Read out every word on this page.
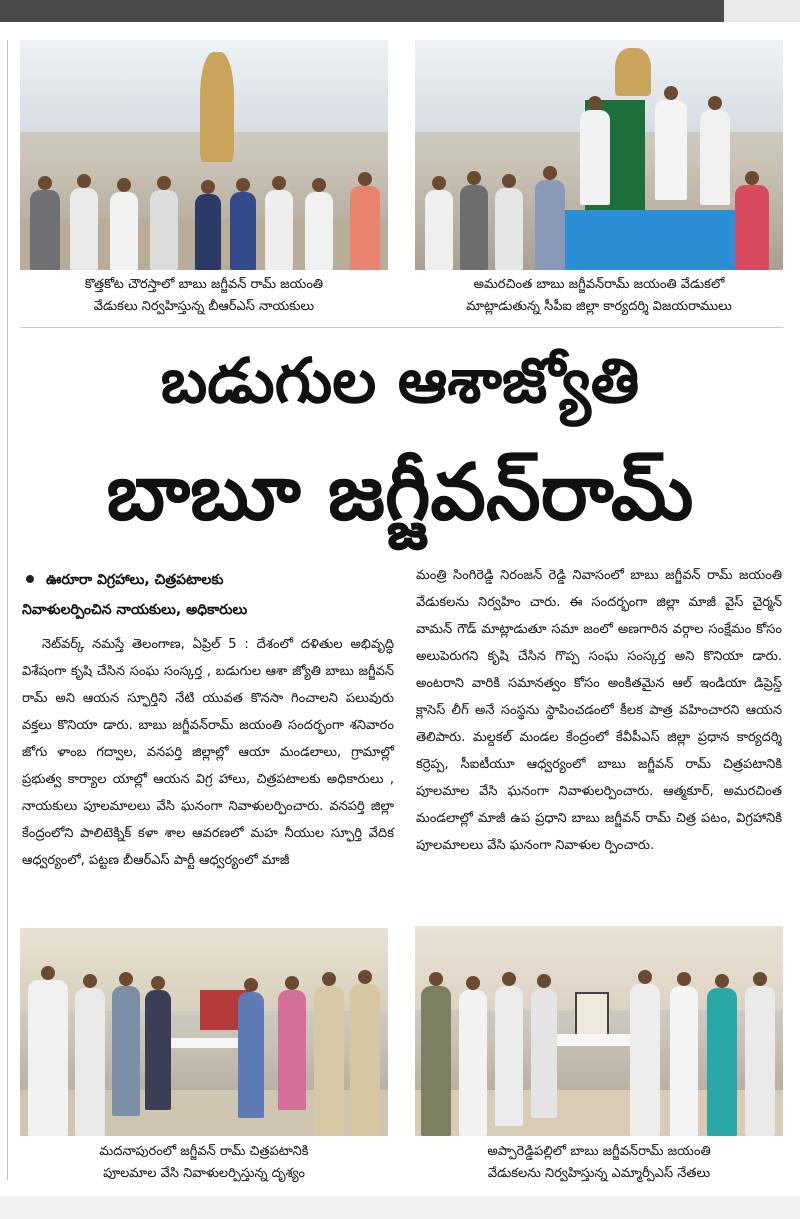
కొత్తకోట చౌరస్తాలో బాబు జగ్జీవన్ రామ్ జయంతి
వేడుకలు నిర్వహిస్తున్న బీఆర్ఎస్ నాయకులు
అమరచింత బాబు జగ్జీవన్‌రామ్ జయంతి వేడుకలో
మాట్లాడుతున్న సీపీఐ జిల్లా కార్యదర్శి విజయరాములు
బడుగుల ఆశాజ్యోతి
బాబూ జగ్జీవన్‌రామ్
ఊరూరా విగ్రహాలు, చిత్రపటాలకు
నివాళులర్పించిన నాయకులు, అధికారులు
నెట్‌వర్క్ నమస్తే తెలంగాణ, ఏప్రిల్ 5 : దేశంలో దళితుల అభివృద్ధి విశేషంగా కృషి చేసిన సంఘ సంస్కర్త , బడుగుల ఆశా జ్యోతి బాబు జగ్జీవన్ రామ్ అని ఆయన స్ఫూర్తిని నేటి యువత కొనసా గించాలని పలువురు వక్తలు కొనియా డారు. బాబు జగ్జీవన్‌రామ్ జయంతి సందర్భంగా శనివారం జోగు ళాంబ గద్వాల, వనపర్తి జిల్లాల్లో ఆయా మండలాలు, గ్రామాల్లో ప్రభుత్వ కార్యాల యాల్లో ఆయన విగ్ర హాలు, చిత్రపటాలకు అధికారులు , నాయకులు పూలమాలలు వేసి ఘనంగా నివాళులర్పించారు. వనపర్తి జిల్లా కేంద్రంలోని పాలిటెక్నిక్ కళా శాల ఆవరణలో మహ నీయుల స్ఫూర్తి వేదిక ఆధ్వర్యంలో, పట్టణ బీఆర్ఎస్ పార్టీ ఆధ్వర్యంలో మాజీ
మంత్రి సింగిరెడ్డి నిరంజన్ రెడ్డి నివాసంలో బాబు జగ్జీవన్ రామ్ జయంతి వేడుకలను నిర్వహిం చారు. ఈ సందర్భంగా జిల్లా మాజీ వైస్ చైర్మన్ వామన్ గౌడ్ మాట్లాడుతూ సమా జంలో అణగారిన వర్గాల సంక్షేమం కోసం అలుపెరుగని కృషి చేసిన గొప్ప సంఘ సంస్కర్త అని కొనియా డారు. అంటరాని వారికి సమానత్వం కోసం అంకితమైన ఆల్ ఇండియా డిప్రెస్డ్ క్లాసెస్ లీగ్ అనే సంస్థను స్థాపించడంలో కీలక పాత్ర వహించారని ఆయన తెలిపారు. మల్దకల్ మండల కేంద్రంలో కేవీపీఎస్ జిల్లా ప్రధాన కార్యదర్శి కర్రెప్ప, సీఐటీయూ ఆధ్వర్యంలో బాబు జగ్జీవన్ రామ్ చిత్రపటానికి పూలమాల వేసి ఘనంగా నివాళులర్పించారు. ఆత్మకూర్, అమరచింత మండలాల్లో మాజీ ఉప ప్రధాని బాబు జగ్జీవన్ రామ్ చిత్ర పటం, విగ్రహానికి పూలమాలలు వేసి ఘనంగా నివాళుల ర్పించారు.
మదనాపురంలో జగ్జీవన్ రామ్ చిత్రపటానికి
పూలమాల వేసి నివాళులర్పిస్తున్న దృశ్యం
అప్పారెడ్డిపల్లిలో బాబు జగ్జీవన్‌రామ్ జయంతి
వేడుకలను నిర్వహిస్తున్న ఎమ్మార్పీఎస్ నేతలు
